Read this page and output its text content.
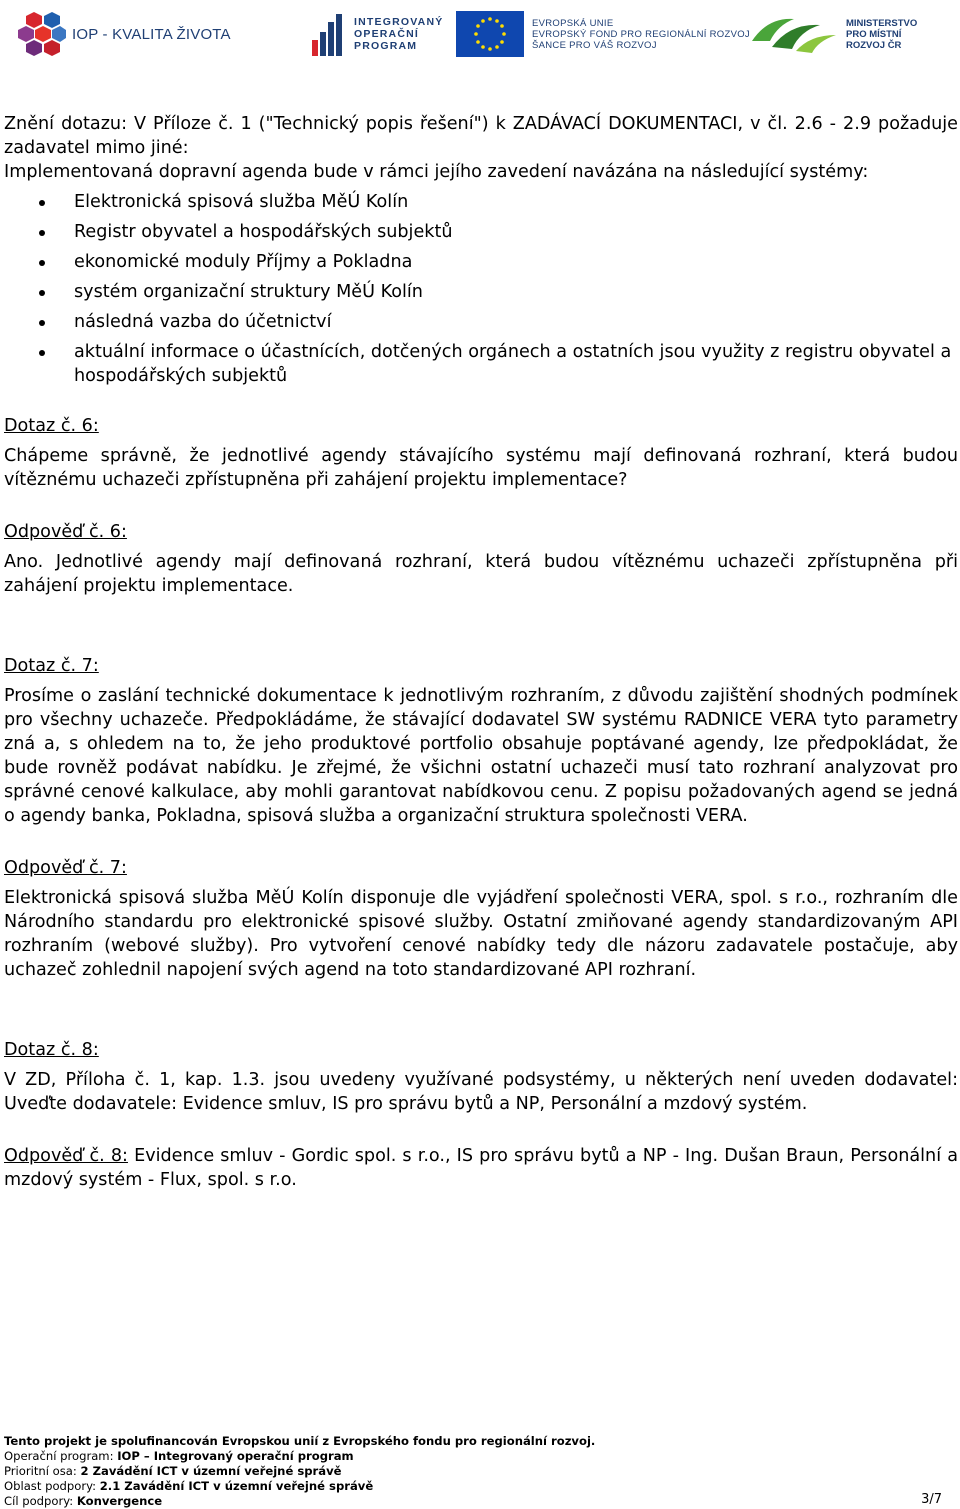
IOP - KVALITA ŽIVOTA
INTEGROVANÝ
OPERAČNÍ
PROGRAM
EVROPSKÁ UNIE
EVROPSKÝ FOND PRO REGIONÁLNÍ ROZVOJ
ŠANCE PRO VÁŠ ROZVOJ
MINISTERSTVO
PRO MÍSTNÍ
ROZVOJ ČR

Znění dotazu: V Příloze č. 1 ("Technický popis řešení") k ZADÁVACÍ DOKUMENTACI, v čl. 2.6 - 2.9 požaduje zadavatel mimo jiné:

Implementovaná dopravní agenda bude v rámci jejího zavedení navázána na následující systémy:

Elektronická spisová služba MěÚ Kolín
Registr obyvatel a hospodářských subjektů
ekonomické moduly Příjmy a Pokladna
systém organizační struktury MěÚ Kolín
následná vazba do účetnictví
aktuální informace o účastnících, dotčených orgánech a ostatních jsou využity z registru obyvatel a hospodářských subjektů

Dotaz č. 6:

Chápeme správně, že jednotlivé agendy stávajícího systému mají definovaná rozhraní, která budou vítěznému uchazeči zpřístupněna při zahájení projektu implementace?

Odpověď č. 6:

Ano. Jednotlivé agendy mají definovaná rozhraní, která budou vítěznému uchazeči zpřístupněna při zahájení projektu implementace.

Dotaz č. 7:

Prosíme o zaslání technické dokumentace k jednotlivým rozhraním, z důvodu zajištění shodných podmínek pro všechny uchazeče. Předpokládáme, že stávající dodavatel SW systému RADNICE VERA tyto parametry zná a, s ohledem na to, že jeho produktové portfolio obsahuje poptávané agendy, lze předpokládat, že bude rovněž podávat nabídku. Je zřejmé, že všichni ostatní uchazeči musí tato rozhraní analyzovat pro správné cenové kalkulace, aby mohli garantovat nabídkovou cenu. Z popisu požadovaných agend se jedná o agendy banka, Pokladna, spisová služba a organizační struktura společnosti VERA.

Odpověď č. 7:

Elektronická spisová služba MěÚ Kolín disponuje dle vyjádření společnosti VERA, spol. s r.o., rozhraním dle Národního standardu pro elektronické spisové služby. Ostatní zmiňované agendy standardizovaným API rozhraním (webové služby). Pro vytvoření cenové nabídky tedy dle názoru zadavatele postačuje, aby uchazeč zohlednil napojení svých agend na toto standardizované API rozhraní.

Dotaz č. 8:

V ZD, Příloha č. 1, kap. 1.3. jsou uvedeny využívané podsystémy, u některých není uveden dodavatel: Uveďte dodavatele: Evidence smluv, IS pro správu bytů a NP, Personální a mzdový systém.

Odpověď č. 8: Evidence smluv - Gordic spol. s r.o., IS pro správu bytů a NP - Ing. Dušan Braun, Personální a mzdový systém - Flux, spol. s r.o.

Tento projekt je spolufinancován Evropskou unií z Evropského fondu pro regionální rozvoj.
Operační program: IOP – Integrovaný operační program
Prioritní osa: 2 Zavádění ICT v územní veřejné správě
Oblast podpory: 2.1 Zavádění ICT v územní veřejné správě
Cíl podpory: Konvergence	3/7
